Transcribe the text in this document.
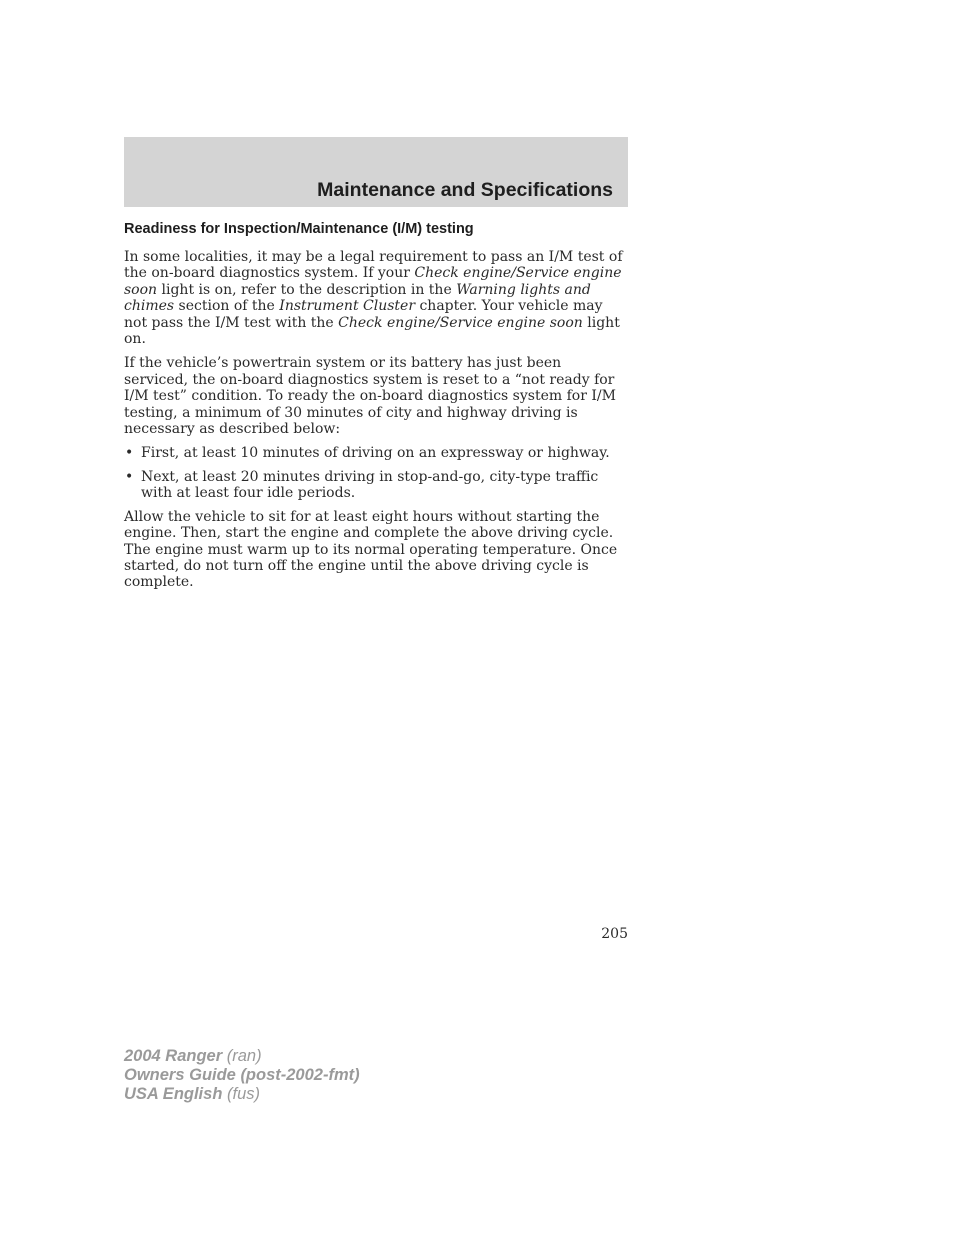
Maintenance and Specifications
Readiness for Inspection/Maintenance (I/M) testing

In some localities, it may be a legal requirement to pass an I/M test of the on-board diagnostics system. If your Check engine/Service engine soon light is on, refer to the description in the Warning lights and chimes section of the Instrument Cluster chapter. Your vehicle may not pass the I/M test with the Check engine/Service engine soon light on.

If the vehicle’s powertrain system or its battery has just been serviced, the on-board diagnostics system is reset to a “not ready for I/M test” condition. To ready the on-board diagnostics system for I/M testing, a minimum of 30 minutes of city and highway driving is necessary as described below:

• First, at least 10 minutes of driving on an expressway or highway.
• Next, at least 20 minutes driving in stop-and-go, city-type traffic with at least four idle periods.

Allow the vehicle to sit for at least eight hours without starting the engine. Then, start the engine and complete the above driving cycle. The engine must warm up to its normal operating temperature. Once started, do not turn off the engine until the above driving cycle is complete.

205
2004 Ranger (ran)
Owners Guide (post-2002-fmt)
USA English (fus)
